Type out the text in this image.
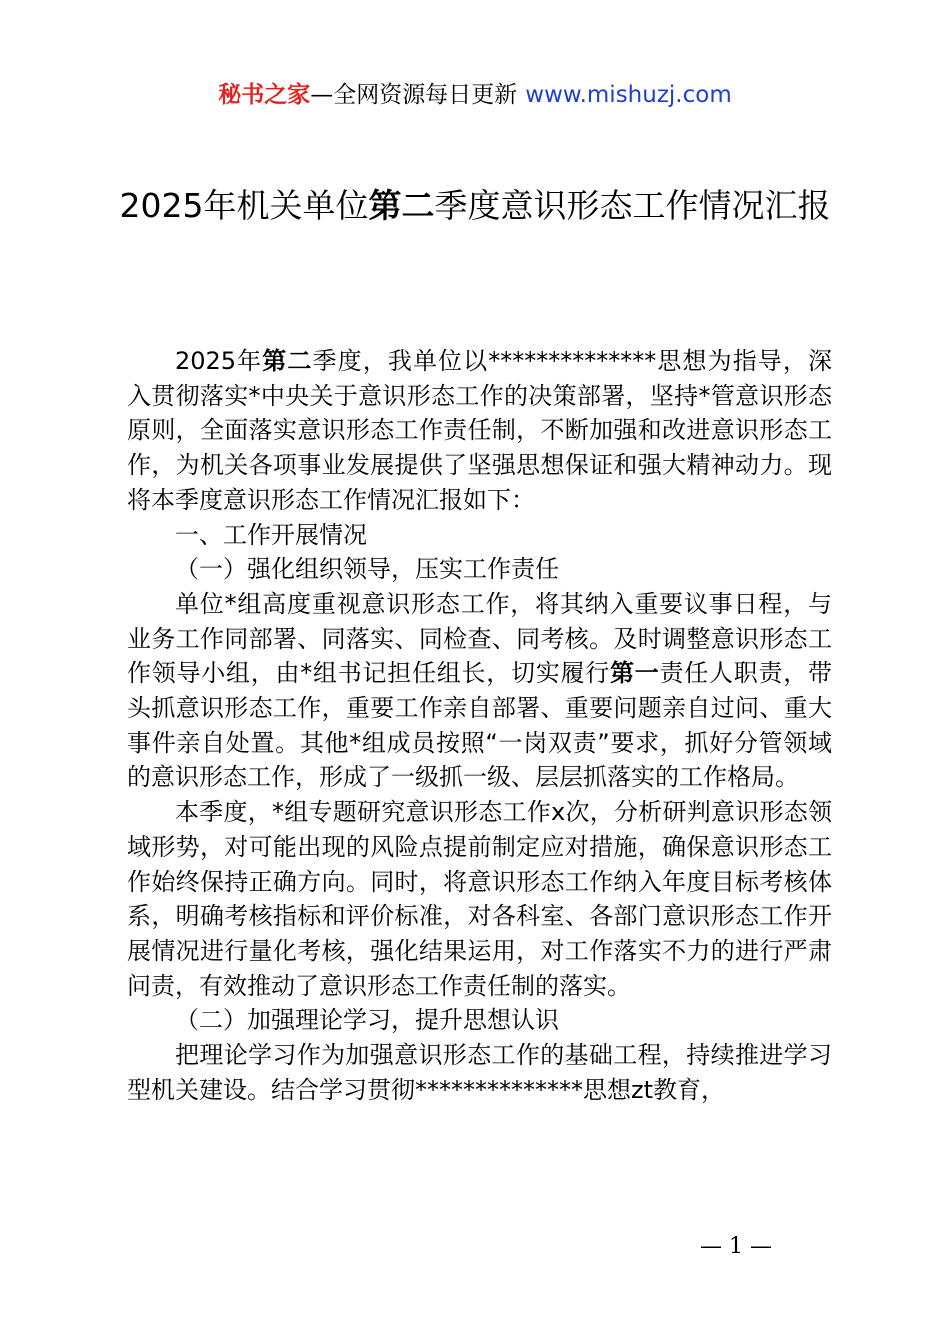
秘书之家—全网资源每日更新 www.mishuzj.com
2025年机关单位第二季度意识形态工作情况汇报

2025年第二季度，我单位以**************思想为指导，深入贯彻落实*中央关于意识形态工作的决策部署，坚持*管意识形态原则，全面落实意识形态工作责任制，不断加强和改进意识形态工作，为机关各项事业发展提供了坚强思想保证和强大精神动力。现将本季度意识形态工作情况汇报如下：

一、工作开展情况

（一）强化组织领导，压实工作责任

单位*组高度重视意识形态工作，将其纳入重要议事日程，与业务工作同部署、同落实、同检查、同考核。及时调整意识形态工作领导小组，由*组书记担任组长，切实履行第一责任人职责，带头抓意识形态工作，重要工作亲自部署、重要问题亲自过问、重大事件亲自处置。其他*组成员按照“一岗双责”要求，抓好分管领域的意识形态工作，形成了一级抓一级、层层抓落实的工作格局。

本季度，*组专题研究意识形态工作x次，分析研判意识形态领域形势，对可能出现的风险点提前制定应对措施，确保意识形态工作始终保持正确方向。同时，将意识形态工作纳入年度目标考核体系，明确考核指标和评价标准，对各科室、各部门意识形态工作开展情况进行量化考核，强化结果运用，对工作落实不力的进行严肃问责，有效推动了意识形态工作责任制的落实。

（二）加强理论学习，提升思想认识

把理论学习作为加强意识形态工作的基础工程，持续推进学习型机关建设。结合学习贯彻**************思想zt教育，

— 1 —
